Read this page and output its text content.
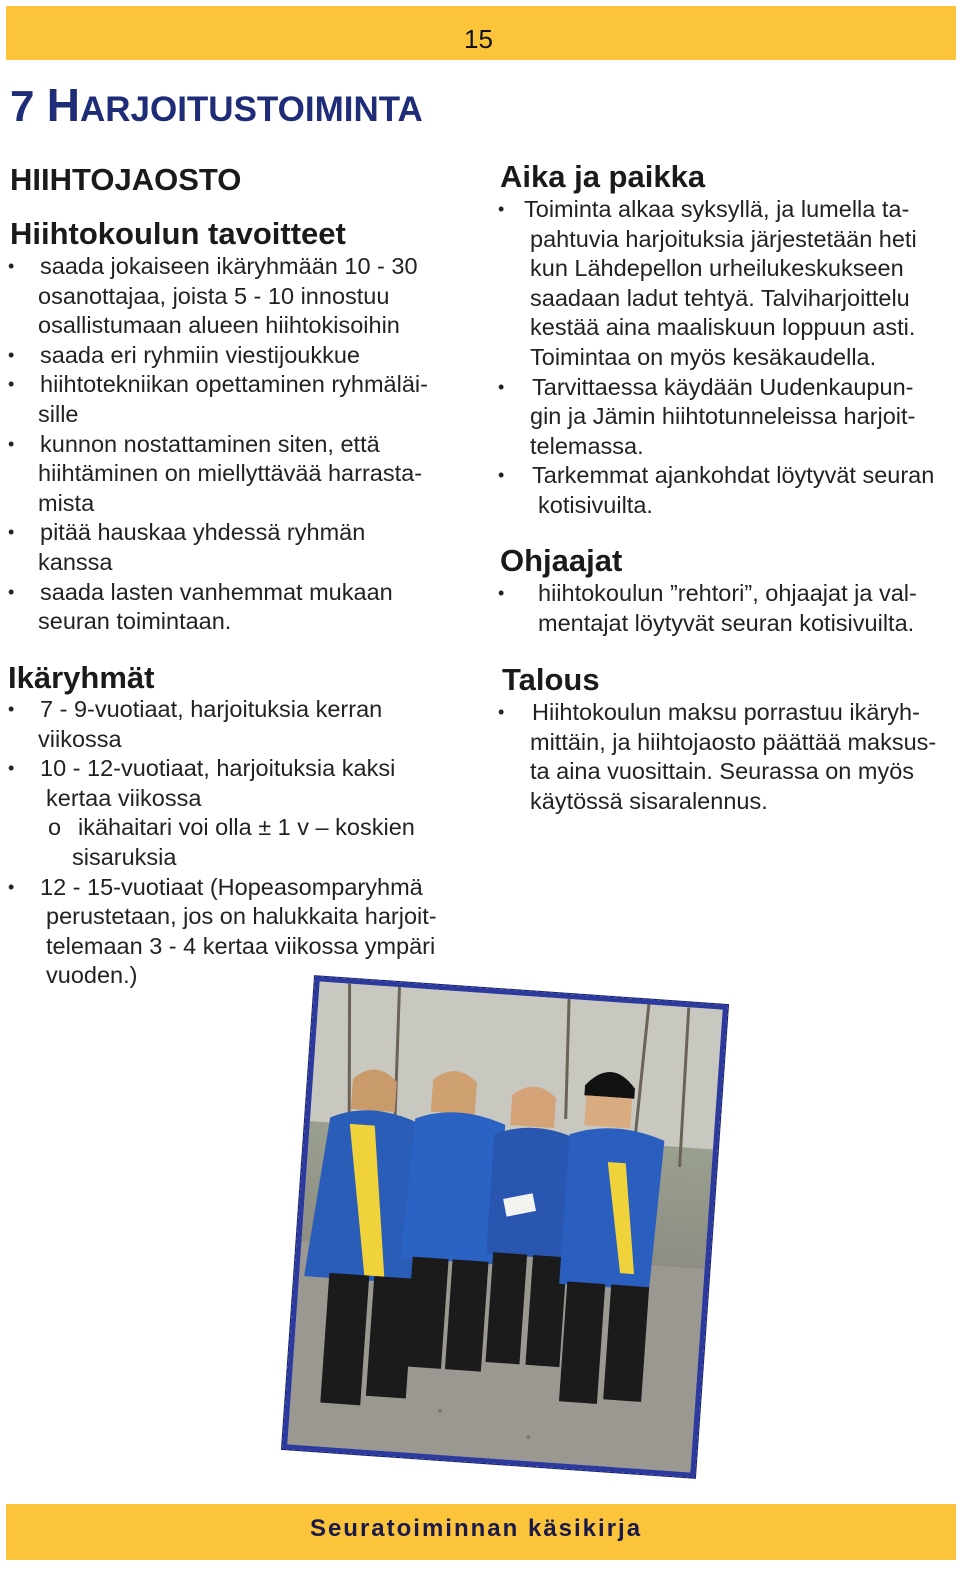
15
7 HARJOITUSTOIMINTA
HIIHTOJAOSTO
Hiihtokoulun tavoitteet
• saada jokaiseen ikäryhmään 10 - 30
osanottajaa, joista 5 - 10 innostuu
osallistumaan alueen hiihtokisoihin
• saada eri ryhmiin viestijoukkue
• hiihtotekniikan opettaminen ryhmäläi-
sille
• kunnon nostattaminen siten, että
hiihtäminen on miellyttävää harrasta-
mista
• pitää hauskaa yhdessä ryhmän
kanssa
• saada lasten vanhemmat mukaan
seuran toimintaan.
Ikäryhmät
• 7 - 9-vuotiaat, harjoituksia kerran
viikossa
• 10 - 12-vuotiaat, harjoituksia kaksi
kertaa viikossa
o ikähaitari voi olla ± 1 v – koskien
sisaruksia
• 12 - 15-vuotiaat (Hopeasomparyhmä
perustetaan, jos on halukkaita harjoit-
telemaan 3 - 4 kertaa viikossa ympäri
vuoden.)
Aika ja paikka
• Toiminta alkaa syksyllä, ja lumella ta-
pahtuvia harjoituksia järjestetään heti
kun Lähdepellon urheilukeskukseen
saadaan ladut tehtyä. Talviharjoittelu
kestää aina maaliskuun loppuun asti.
Toimintaa on myös kesäkaudella.
• Tarvittaessa käydään Uudenkaupun-
gin ja Jämin hiihtotunneleissa harjoit-
telemassa.
• Tarkemmat ajankohdat löytyvät seuran
kotisivuilta.
Ohjaajat
• hiihtokoulun ”rehtori”, ohjaajat ja val-
mentajat löytyvät seuran kotisivuilta.
Talous
• Hiihtokoulun maksu porrastuu ikäryh-
mittäin, ja hiihtojaosto päättää maksus-
ta aina vuosittain. Seurassa on myös
käytössä sisaralennus.
Seuratoiminnan käsikirja
